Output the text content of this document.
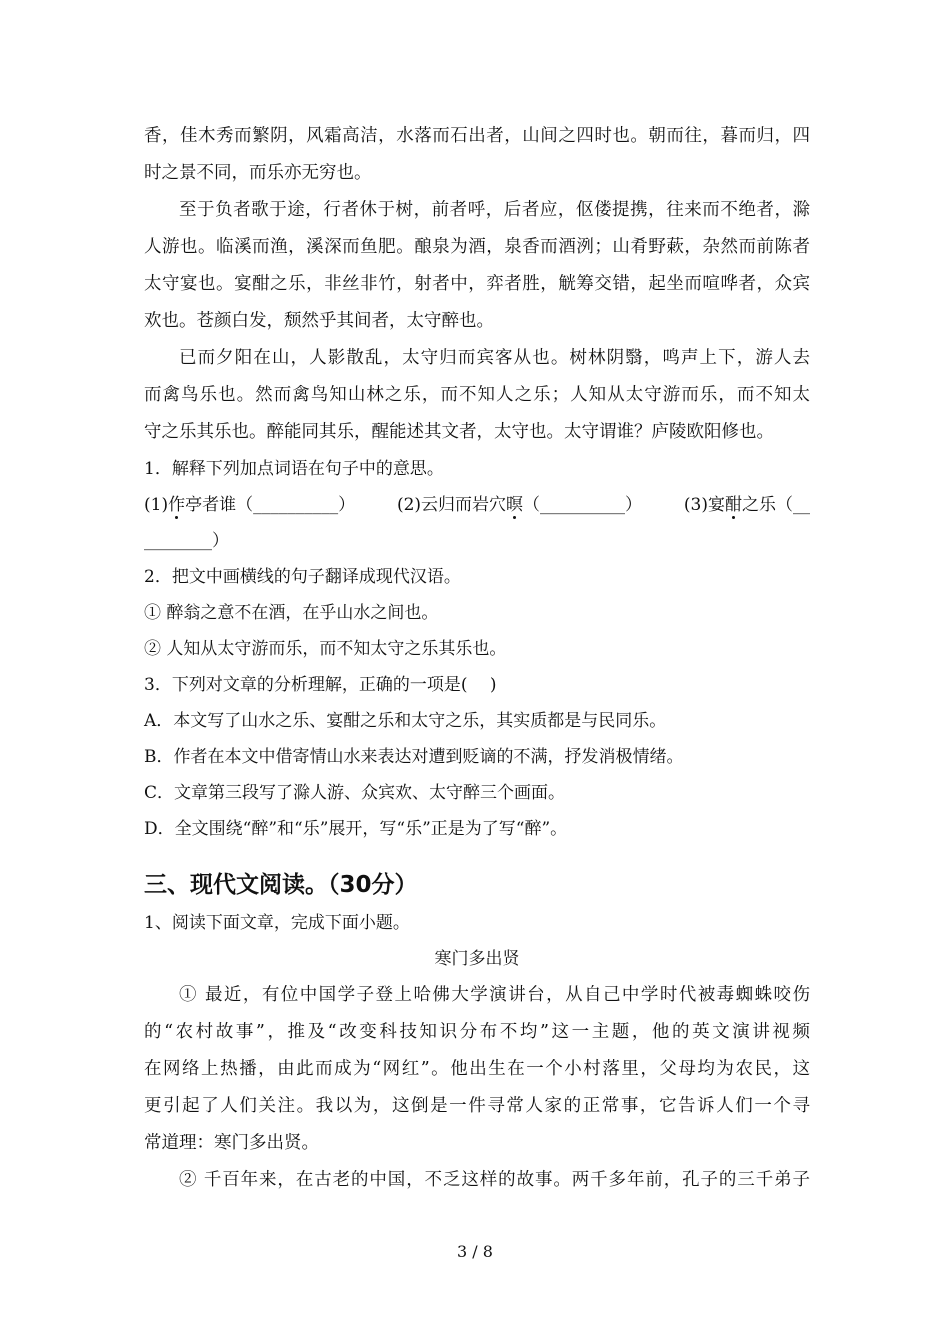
香，佳木秀而繁阴，风霜高洁，水落而石出者，山间之四时也。朝而往，暮而归，四

时之景不同，而乐亦无穷也。

至于负者歌于途，行者休于树，前者呼，后者应，伛偻提携，往来而不绝者，滁

人游也。临溪而渔，溪深而鱼肥。酿泉为酒，泉香而酒洌；山肴野蔌，杂然而前陈者

太守宴也。宴酣之乐，非丝非竹，射者中，弈者胜，觥筹交错，起坐而喧哗者，众宾

欢也。苍颜白发，颓然乎其间者，太守醉也。

已而夕阳在山，人影散乱，太守归而宾客从也。树林阴翳，鸣声上下，游人去

而禽鸟乐也。然而禽鸟知山林之乐，而不知人之乐；人知从太守游而乐，而不知太

守之乐其乐也。醉能同其乐，醒能述其文者，太守也。太守谓谁？庐陵欧阳修也。

1．解释下列加点词语在句子中的意思。

(1)作亭者谁（__________） (2)云归而岩穴暝（__________） (3)宴酣之乐（__

________）

2．把文中画横线的句子翻译成现代汉语。

① 醉翁之意不在酒，在乎山水之间也。

② 人知从太守游而乐，而不知太守之乐其乐也。

3．下列对文章的分析理解，正确的一项是(　 )

A．本文写了山水之乐、宴酣之乐和太守之乐，其实质都是与民同乐。

B．作者在本文中借寄情山水来表达对遭到贬谪的不满，抒发消极情绪。

C．文章第三段写了滁人游、众宾欢、太守醉三个画面。

D．全文围绕“醉”和“乐”展开，写“乐”正是为了写“醉”。

三、现代文阅读。（30分）

1、阅读下面文章，完成下面小题。

寒门多出贤

① 最近，有位中国学子登上哈佛大学演讲台，从自己中学时代被毒蜘蛛咬伤

的“农村故事”，推及“改变科技知识分布不均”这一主题，他的英文演讲视频

在网络上热播，由此而成为“网红”。他出生在一个小村落里，父母均为农民，这

更引起了人们关注。我以为，这倒是一件寻常人家的正常事，它告诉人们一个寻

常道理：寒门多出贤。

② 千百年来，在古老的中国，不乏这样的故事。两千多年前，孔子的三千弟子

3 / 8
